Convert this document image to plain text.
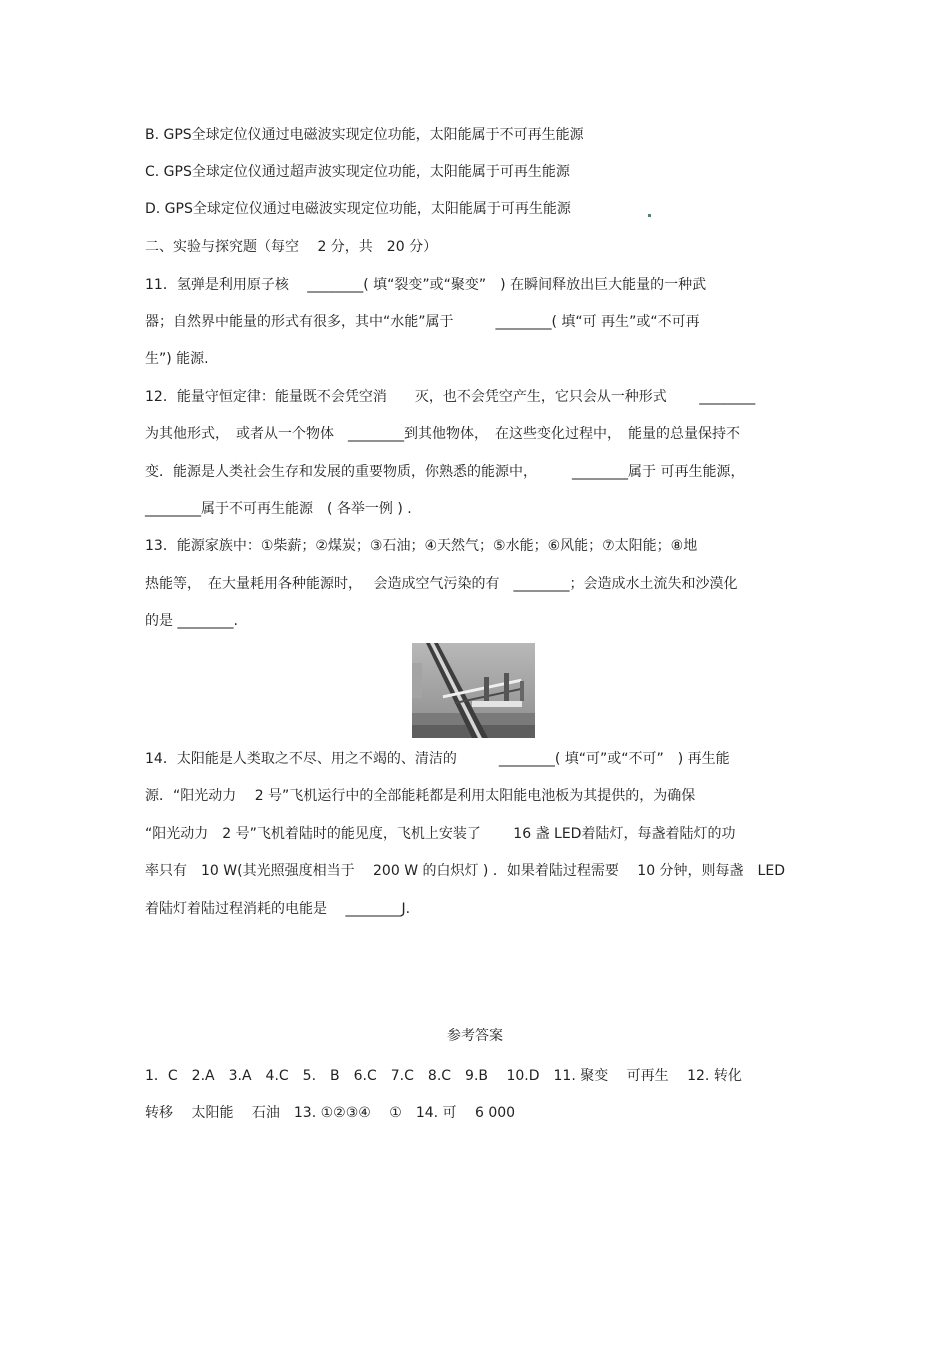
B. GPS全球定位仪通过电磁波实现定位功能，太阳能属于不可再生能源
C. GPS全球定位仪通过超声波实现定位功能，太阳能属于可再生能源
D. GPS全球定位仪通过电磁波实现定位功能，太阳能属于可再生能源
二、实验与探究题（每空　 2 分，共　20 分）
11．氢弹是利用原子核　 ________( 填“裂变”或“聚变”　) 在瞬间释放出巨大能量的一种武
器；自然界中能量的形式有很多，其中“水能”属于　　　________( 填“可 再生”或“不可再
生”) 能源.
12．能量守恒定律：能量既不会凭空消　　灭，也不会凭空产生，它只会从一种形式　　 ________
为其他形式，　或者从一个物体　________到其他物体，　在这些变化过程中，　能量的总量保持不
变．能源是人类社会生存和发展的重要物质，你熟悉的能源中，　　　________属于 可再生能源，
________属于不可再生能源　( 各举一例 ) .
13．能源家族中：①柴薪；②煤炭；③石油；④天然气；⑤水能；⑥风能；⑦太阳能；⑧地
热能等，　在大量耗用各种能源时，　 会造成空气污染的有　________；会造成水土流失和沙漠化
的是 ________.
14．太阳能是人类取之不尽、用之不竭的、清洁的　　　________( 填“可”或“不可”　) 再生能
源．“阳光动力　 2 号”飞机运行中的全部能耗都是利用太阳能电池板为其提供的，为确保
“阳光动力　2 号”飞机着陆时的能见度，飞机上安装了　　 16 盏 LED着陆灯，每盏着陆灯的功
率只有　10 W(其光照强度相当于　 200 W 的白炽灯 ) ．如果着陆过程需要　 10 分钟，则每盏　LED
着陆灯着陆过程消耗的电能是　 ________J.
参考答案
1．C　2.A　3.A　4.C　5.　B　6.C　7.C　8.C　9.B　 10.D　11. 聚变　 可再生　 12. 转化
转移　 太阳能　 石油　13. ①②③④　 ①　14. 可　 6 000
